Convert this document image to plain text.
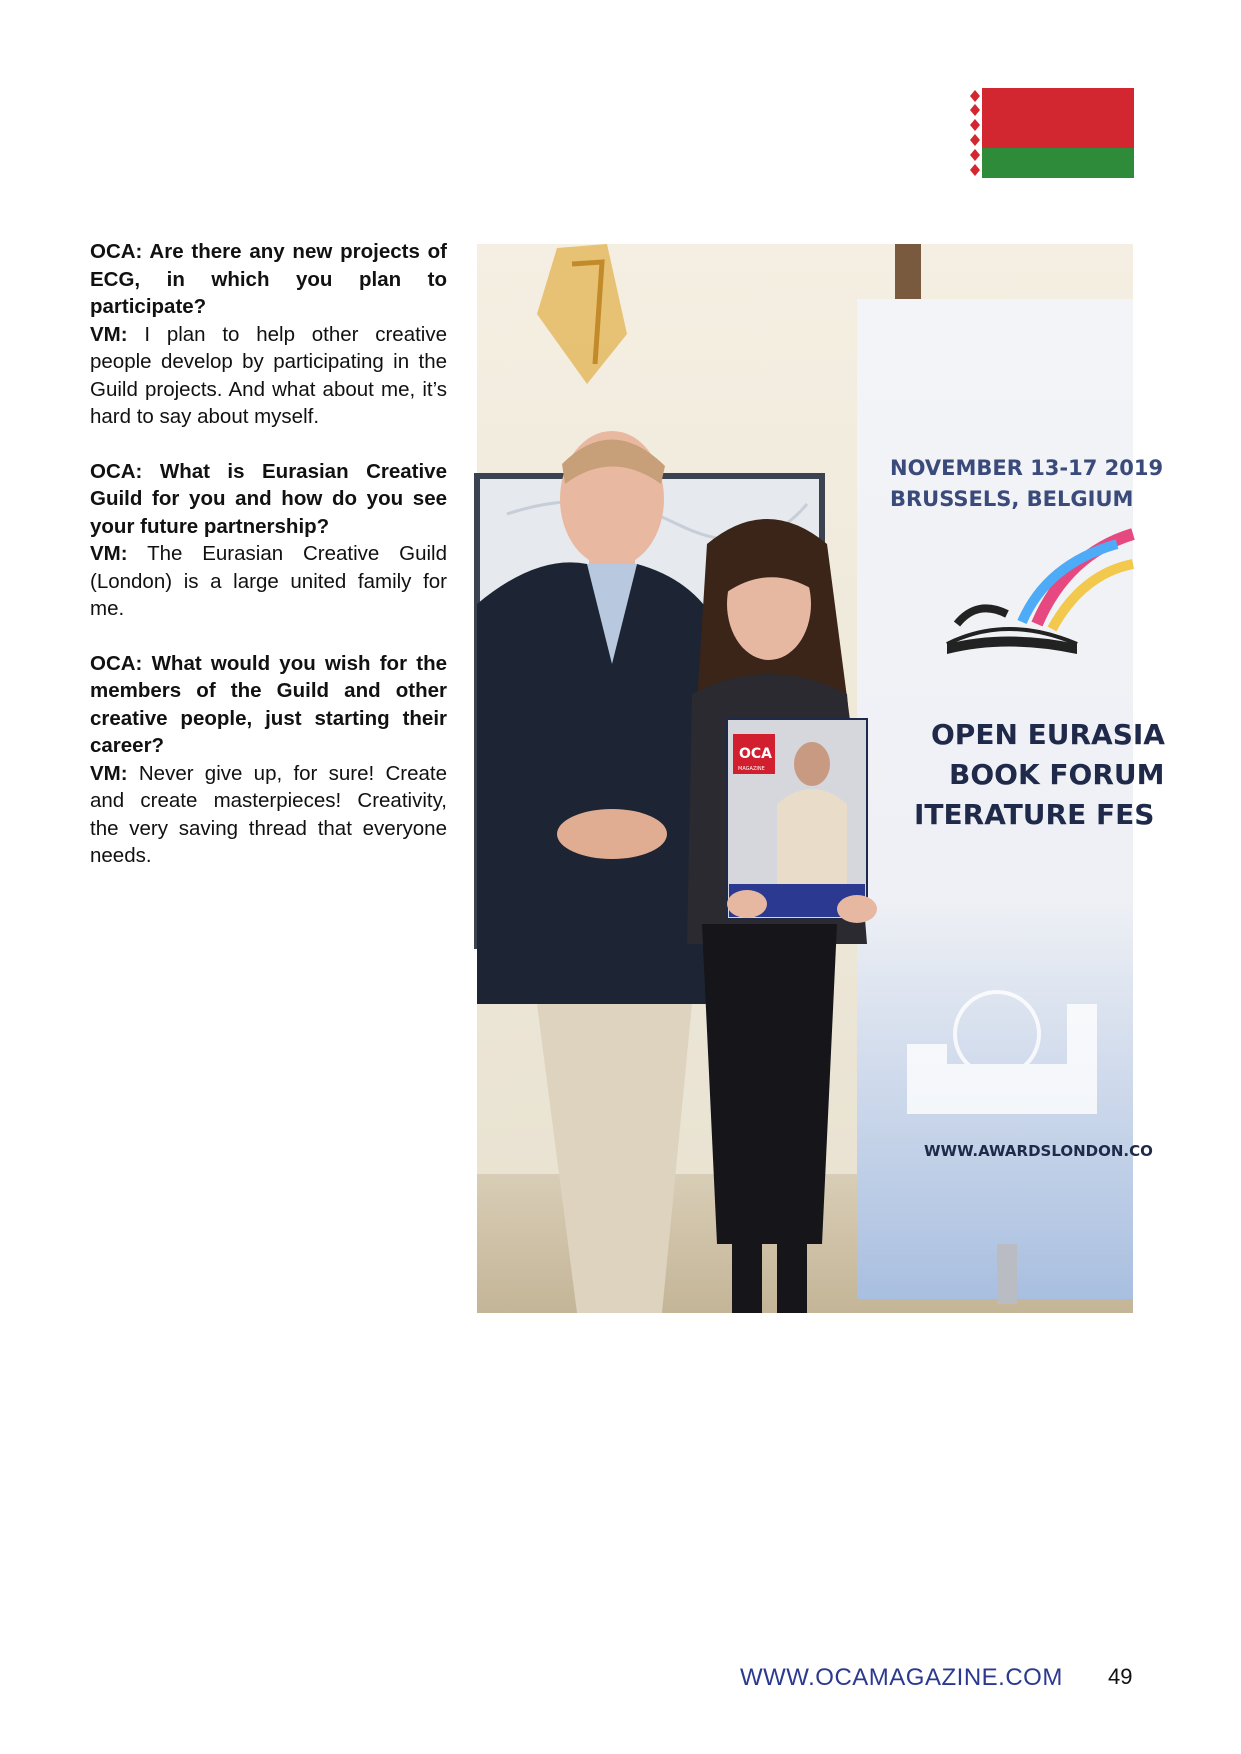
OCA: Are there any new projects of ECG, in which you plan to participate?
VM: I plan to help other creative people develop by participating in the Guild projects. And what about me, it’s hard to say about myself.
OCA: What is Eurasian Creative Guild for you and how do you see your future partnership?
VM: The Eurasian Creative Guild (London) is a large united family for me.
OCA: What would you wish for the members of the Guild and other creative people, just starting their career?
VM: Never give up, for sure! Create and create masterpieces! Creativity, the very saving thread that everyone needs.
NOVEMBER 13-17 2019
BRUSSELS, BELGIUM
OPEN EURASIA
BOOK FORUM
ITERATURE FES
WWW.AWARDSLONDON.CO
OCA
MAGAZINE
WWW.OCAMAGAZINE.COM 49
